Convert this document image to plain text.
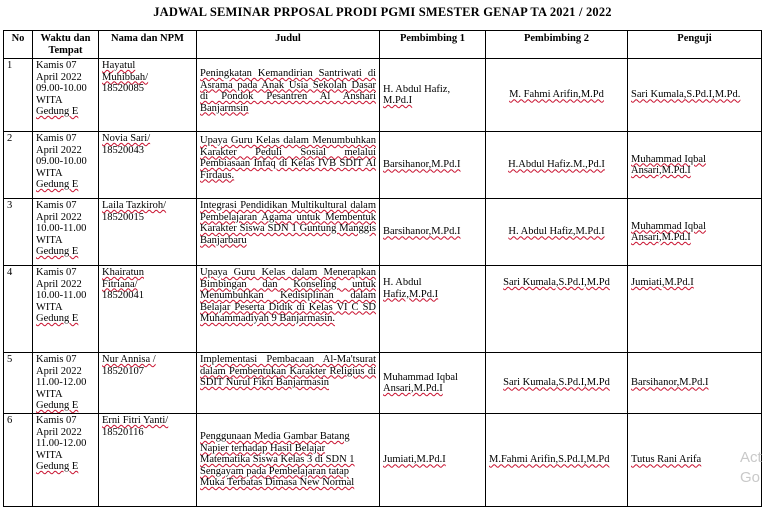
JADWAL SEMINAR PRPOSAL PRODI PGMI SMESTER GENAP TA 2021 / 2022
No	Waktu dan Tempat	Nama dan NPM	Judul	Pembimbing 1	Pembimbing 2	Penguji
1	Kamis 07
April 2022
09.00-10.00
WITA
Gedung E	Hayatul
Muhibbah/
18520085	Peningkatan Kemandirian Santriwati di Asrama pada Anak Usia Sekolah Dasar di Pondok Pesantren Al Anshari Banjarmsin	H. Abdul Hafiz,
M.Pd.I	M. Fahmi Arifin,M.Pd	Sari Kumala,S.Pd.I,M.Pd.
2	Kamis 07
April 2022
09.00-10.00
WITA
Gedung E	Novia Sari/
18520043	Upaya Guru Kelas dalam Menumbuhkan Karakter Peduli Sosial melalui Pembiasaan Infaq di Kelas IVB SDIT Al Firdaus.	Barsihanor,M.Pd.I	H.Abdul Hafiz.M.,Pd.I	Muhammad Iqbal Ansari,M.Pd.I
3	Kamis 07
April 2022
10.00-11.00
WITA
Gedung E	Laila Tazkiroh/
18520015	Integrasi Pendidikan Multikultural dalam Pembelajaran Agama untuk Membentuk Karakter Siswa SDN 1 Guntung Manggis Banjarbaru	Barsihanor,M.Pd.I	H. Abdul Hafiz,M.Pd.I	Muhammad Iqbal Ansari,M.Pd.I
4	Kamis 07
April 2022
10.00-11.00
WITA
Gedung E	Khairatun
Fitriana/
18520041	Upaya Guru Kelas dalam Menerapkan Bimbingan dan Konseling untuk Menumbuhkan Kedisiplinan dalam Belajar Peserta Didik di Kelas VI C SD Muhammadiyah 9 Banjarmasin.	H. Abdul
Hafiz,M.Pd.I	Sari Kumala,S.Pd.I,M.Pd	Jumiati,M.Pd.I

5	Kamis 07
April 2022
11.00-12.00
WITA
Gedung E	Nur Annisa /
18520107	Implementasi Pembacaan Al-Ma'tsurat dalam Pembentukan Karakter Religius di SDIT Nurul Fikri Banjarmasin	Muhammad Iqbal
Ansari,M.Pd.I	Sari Kumala,S.Pd.I,M.Pd	Barsihanor,M.Pd.I
6	Kamis 07
April 2022
11.00-12.00
WITA
Gedung E	Erni Fitri Yanti/
18520116	Penggunaan Media Gambar Batang Napier terhadap Hasil Belajar Matematika Siswa Kelas 3 di SDN 1 Sengayam pada Pembelajaran tatap Muka Terbatas Dimasa New Normal	Jumiati,M.Pd.I	M.Fahmi Arifin,S.Pd.I,M.Pd	Tutus Rani Arifa	Act
Go
